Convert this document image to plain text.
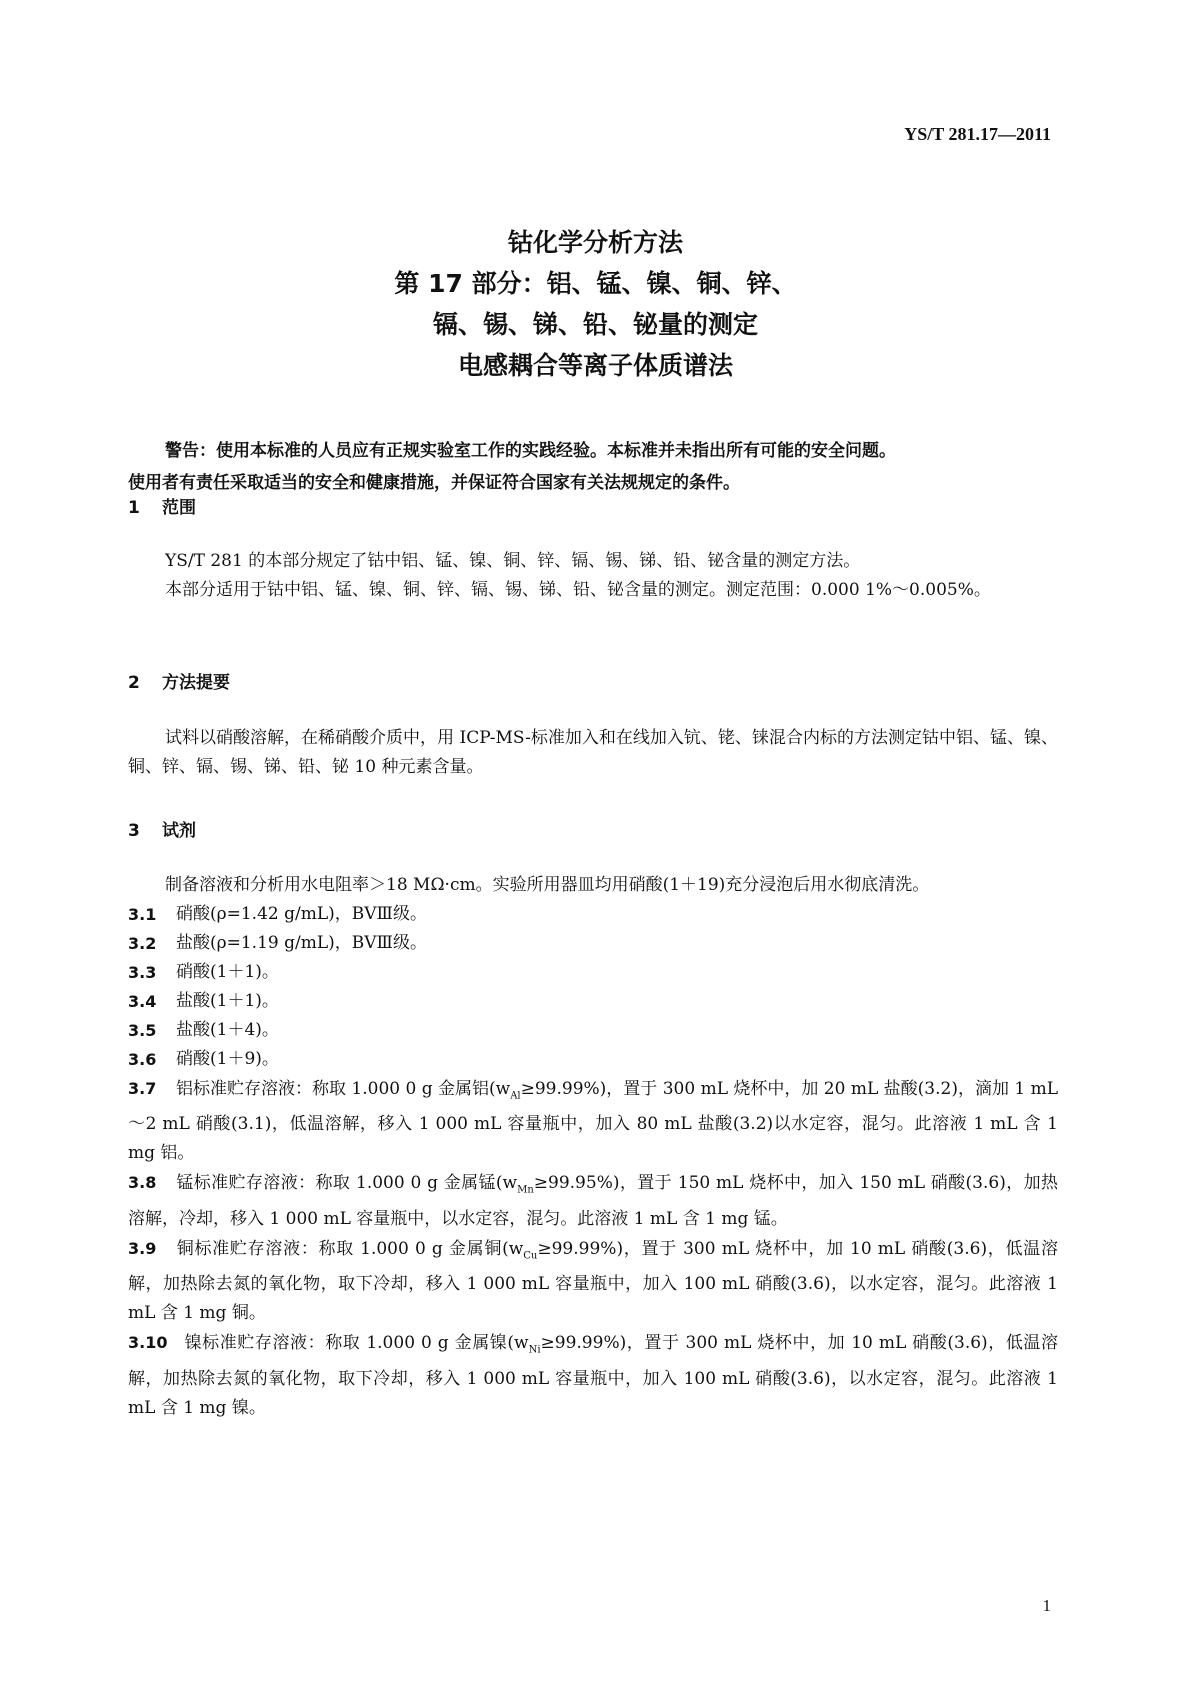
YS/T 281.17—2011
钴化学分析方法
第 17 部分：铝、锰、镍、铜、锌、
镉、锡、锑、铅、铋量的测定
电感耦合等离子体质谱法

警告：使用本标准的人员应有正规实验室工作的实践经验。本标准并未指出所有可能的安全问题。

使用者有责任采取适当的安全和健康措施，并保证符合国家有关法规规定的条件。

1 范围

YS/T 281 的本部分规定了钴中铝、锰、镍、铜、锌、镉、锡、锑、铅、铋含量的测定方法。

本部分适用于钴中铝、锰、镍、铜、锌、镉、锡、锑、铅、铋含量的测定。测定范围：0.000 1%～0.005%。

2 方法提要

试料以硝酸溶解，在稀硝酸介质中，用 ICP-MS-标准加入和在线加入钪、铑、铼混合内标的方法测定钴中铝、锰、镍、铜、锌、镉、锡、锑、铅、铋 10 种元素含量。

3 试剂

制备溶液和分析用水电阻率＞18 MΩ·cm。实验所用器皿均用硝酸(1＋19)充分浸泡后用水彻底清洗。

3.1	硝酸(ρ=1.42 g/mL)，BVⅢ级。
3.2	盐酸(ρ=1.19 g/mL)，BVⅢ级。
3.3	硝酸(1＋1)。
3.4	盐酸(1＋1)。
3.5	盐酸(1＋4)。
3.6	硝酸(1＋9)。

3.7 铝标准贮存溶液：称取 1.000 0 g 金属铝$(w_{Al}\ge 99.99\%)$，置于 300 mL 烧杯中，加 20 mL 盐酸(3.2)，滴加 1 mL～2 mL 硝酸(3.1)，低温溶解，移入 1 000 mL 容量瓶中，加入 80 mL 盐酸(3.2)以水定容，混匀。此溶液 1 mL 含 1 mg 铝。

3.8 锰标准贮存溶液：称取 1.000 0 g 金属锰$(w_{Mn}\ge 99.95\%)$，置于 150 mL 烧杯中，加入 150 mL 硝酸(3.6)，加热溶解，冷却，移入 1 000 mL 容量瓶中，以水定容，混匀。此溶液 1 mL 含 1 mg 锰。

3.9 铜标准贮存溶液：称取 1.000 0 g 金属铜$(w_{Cu}\ge 99.99\%)$，置于 300 mL 烧杯中，加 10 mL 硝酸(3.6)，低温溶解，加热除去氮的氧化物，取下冷却，移入 1 000 mL 容量瓶中，加入 100 mL 硝酸(3.6)，以水定容，混匀。此溶液 1 mL 含 1 mg 铜。

3.10 镍标准贮存溶液：称取 1.000 0 g 金属镍$(w_{Ni}\ge 99.99\%)$，置于 300 mL 烧杯中，加 10 mL 硝酸(3.6)，低温溶解，加热除去氮的氧化物，取下冷却，移入 1 000 mL 容量瓶中，加入 100 mL 硝酸(3.6)，以水定容，混匀。此溶液 1 mL 含 1 mg 镍。

1
